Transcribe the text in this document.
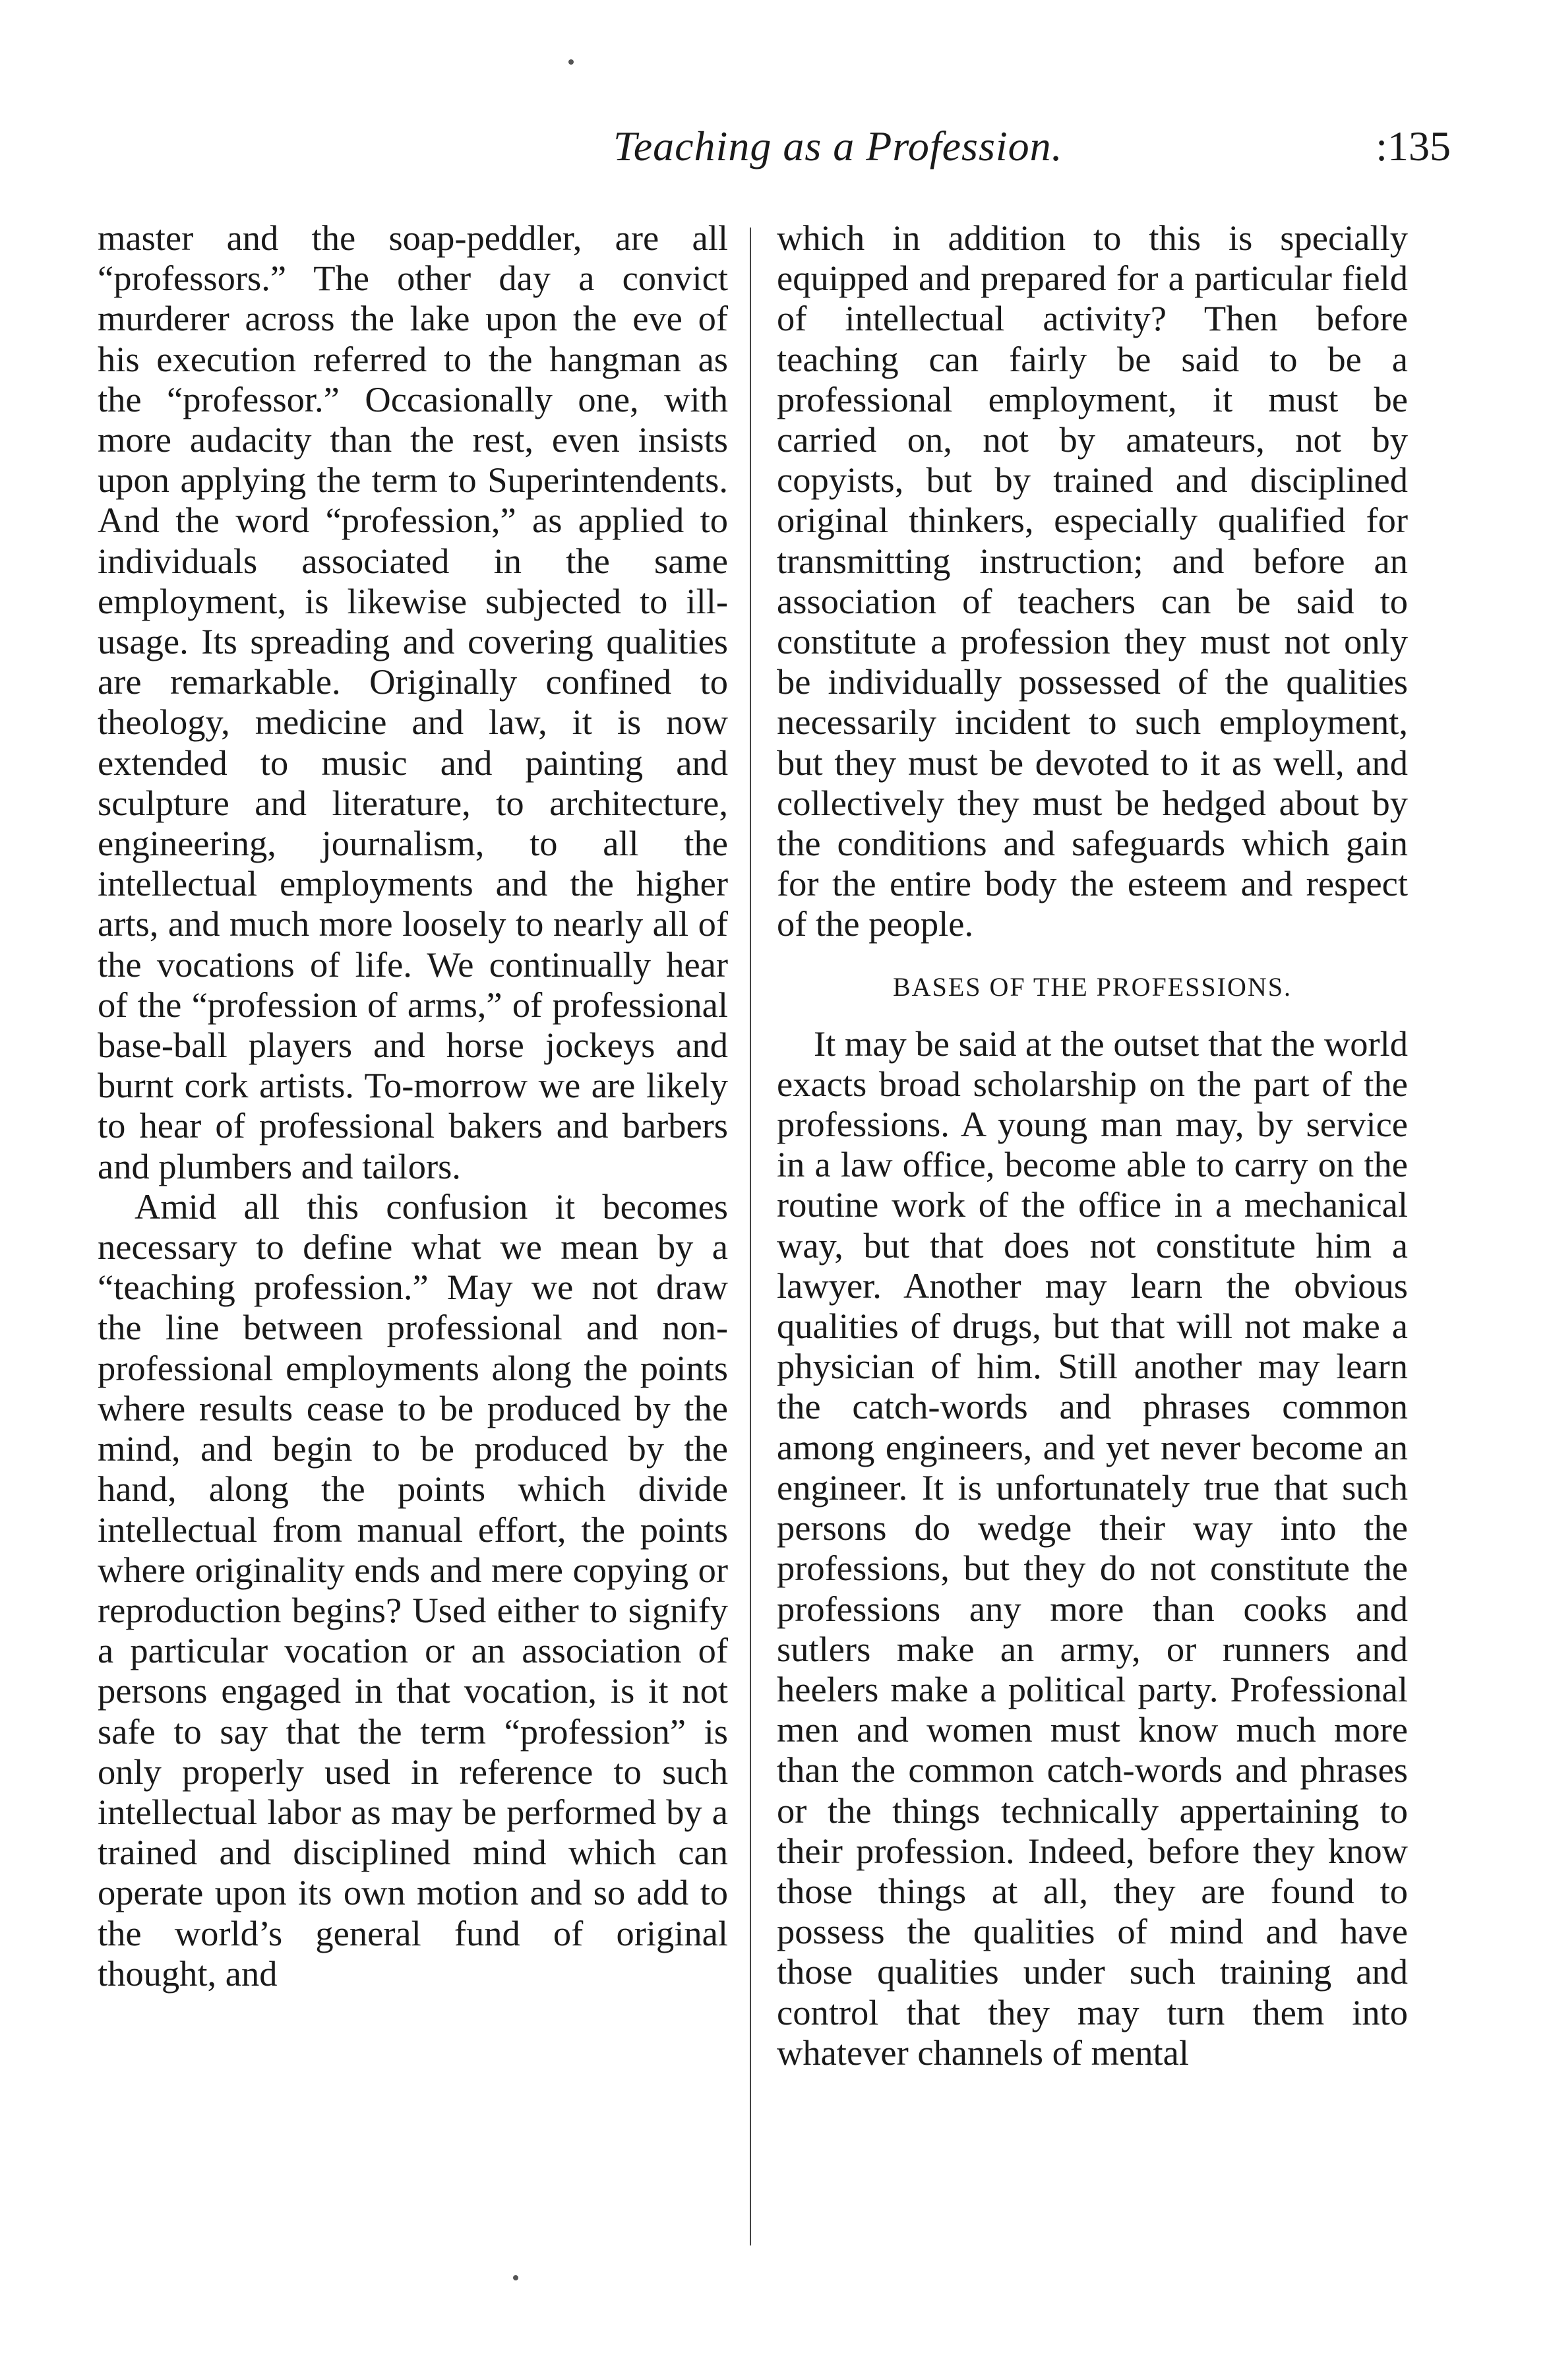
Teaching as a Profession.	:135

master and the soap-peddler, are all “professors.” The other day a convict murderer across the lake upon the eve of his execution referred to the hangman as the “professor.” Occasionally one, with more audacity than the rest, even insists upon applying the term to Superintendents. And the word “profession,” as applied to individuals associated in the same employment, is likewise subjected to ill-usage. Its spreading and covering qualities are remarkable. Originally confined to theology, medicine and law, it is now extended to music and painting and sculpture and literature, to architecture, engineering, journalism, to all the intellectual employments and the higher arts, and much more loosely to nearly all of the vocations of life. We continually hear of the “profession of arms,” of professional base-ball players and horse jockeys and burnt cork artists. To-morrow we are likely to hear of professional bakers and barbers and plumbers and tailors.

Amid all this confusion it becomes necessary to define what we mean by a “teaching profession.” May we not draw the line between professional and non-professional employments along the points where results cease to be produced by the mind, and begin to be produced by the hand, along the points which divide intellectual from manual effort, the points where originality ends and mere copying or reproduction begins? Used either to signify a particular vocation or an association of persons engaged in that vocation, is it not safe to say that the term “profession” is only properly used in reference to such intellectual labor as may be performed by a trained and disciplined mind which can operate upon its own motion and so add to the world’s general fund of original thought, and

which in addition to this is specially equipped and prepared for a particular field of intellectual activity? Then before teaching can fairly be said to be a professional employment, it must be carried on, not by amateurs, not by copyists, but by trained and disciplined original thinkers, especially qualified for transmitting instruction; and before an association of teachers can be said to constitute a profession they must not only be individually possessed of the qualities necessarily incident to such employment, but they must be devoted to it as well, and collectively they must be hedged about by the conditions and safeguards which gain for the entire body the esteem and respect of the people.

BASES OF THE PROFESSIONS.

It may be said at the outset that the world exacts broad scholarship on the part of the professions. A young man may, by service in a law office, become able to carry on the routine work of the office in a mechanical way, but that does not constitute him a lawyer. Another may learn the obvious qualities of drugs, but that will not make a physician of him. Still another may learn the catch-words and phrases common among engineers, and yet never become an engineer. It is unfortunately true that such persons do wedge their way into the professions, but they do not constitute the professions any more than cooks and sutlers make an army, or runners and heelers make a political party. Professional men and women must know much more than the common catch-words and phrases or the things technically appertaining to their profession. Indeed, before they know those things at all, they are found to possess the qualities of mind and have those qualities under such training and control that they may turn them into whatever channels of mental
